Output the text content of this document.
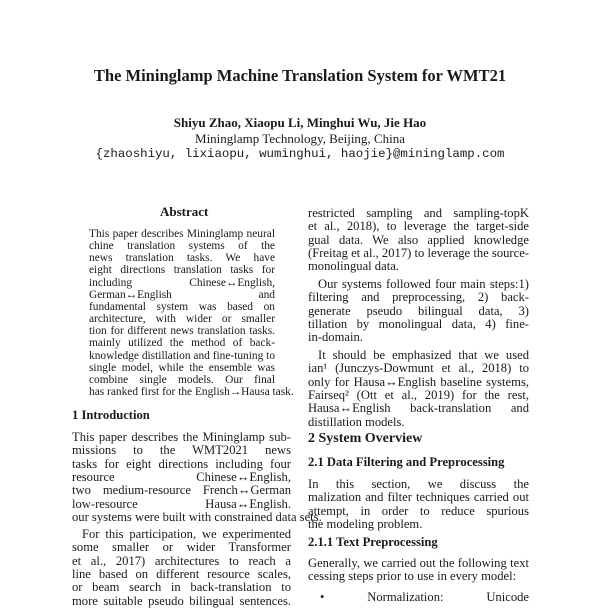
The Mininglamp Machine Translation System for WMT21
Shiyu Zhao, Xiaopu Li, Minghui Wu, Jie Hao
Mininglamp Technology, Beijing, China
{zhaoshiyu, lixiaopu, wuminghui, haojie}@mininglamp.com
Abstract
This paper describes Mininglamp neural
chine translation systems of the
news translation tasks. We have
eight directions translation tasks for
including Chinese↔English,
German↔English and
fundamental system was based on
architecture, with wider or smaller
tion for different news translation tasks.
mainly utilized the method of back-
knowledge distillation and fine-tuning to
single model, while the ensemble was
combine single models. Our final
has ranked first for the English→Hausa task.
1 Introduction
This paper describes the Mininglamp sub-
missions to the WMT2021 news
tasks for eight directions including four
resource Chinese↔English,
two medium-resource French↔German
low-resource Hausa↔English.
our systems were built with constrained data sets.
For this participation, we experimented
some smaller or wider Transformer
et al., 2017) architectures to reach a
line based on different resource scales,
or beam search in back-translation to
more suitable pseudo bilingual sentences.
restricted sampling and sampling-topK
et al., 2018), to leverage the target-side
gual data. We also applied knowledge
(Freitag et al., 2017) to leverage the source-
monolingual data.
Our systems followed four main steps:1)
filtering and preprocessing, 2) back-
generate pseudo bilingual data, 3)
tillation by monolingual data, 4) fine-
in-domain.
It should be emphasized that we used
ian¹ (Junczys-Dowmunt et al., 2018) to
only for Hausa↔English baseline systems,
Fairseq² (Ott et al., 2019) for the rest,
Hausa↔English back-translation and
distillation models.
2 System Overview
2.1 Data Filtering and Preprocessing
In this section, we discuss the
malization and filter techniques carried out
attempt, in order to reduce spurious
the modeling problem.
2.1.1 Text Preprocessing
Generally, we carried out the following text
cessing steps prior to use in every model:
• Normalization: Unicode
